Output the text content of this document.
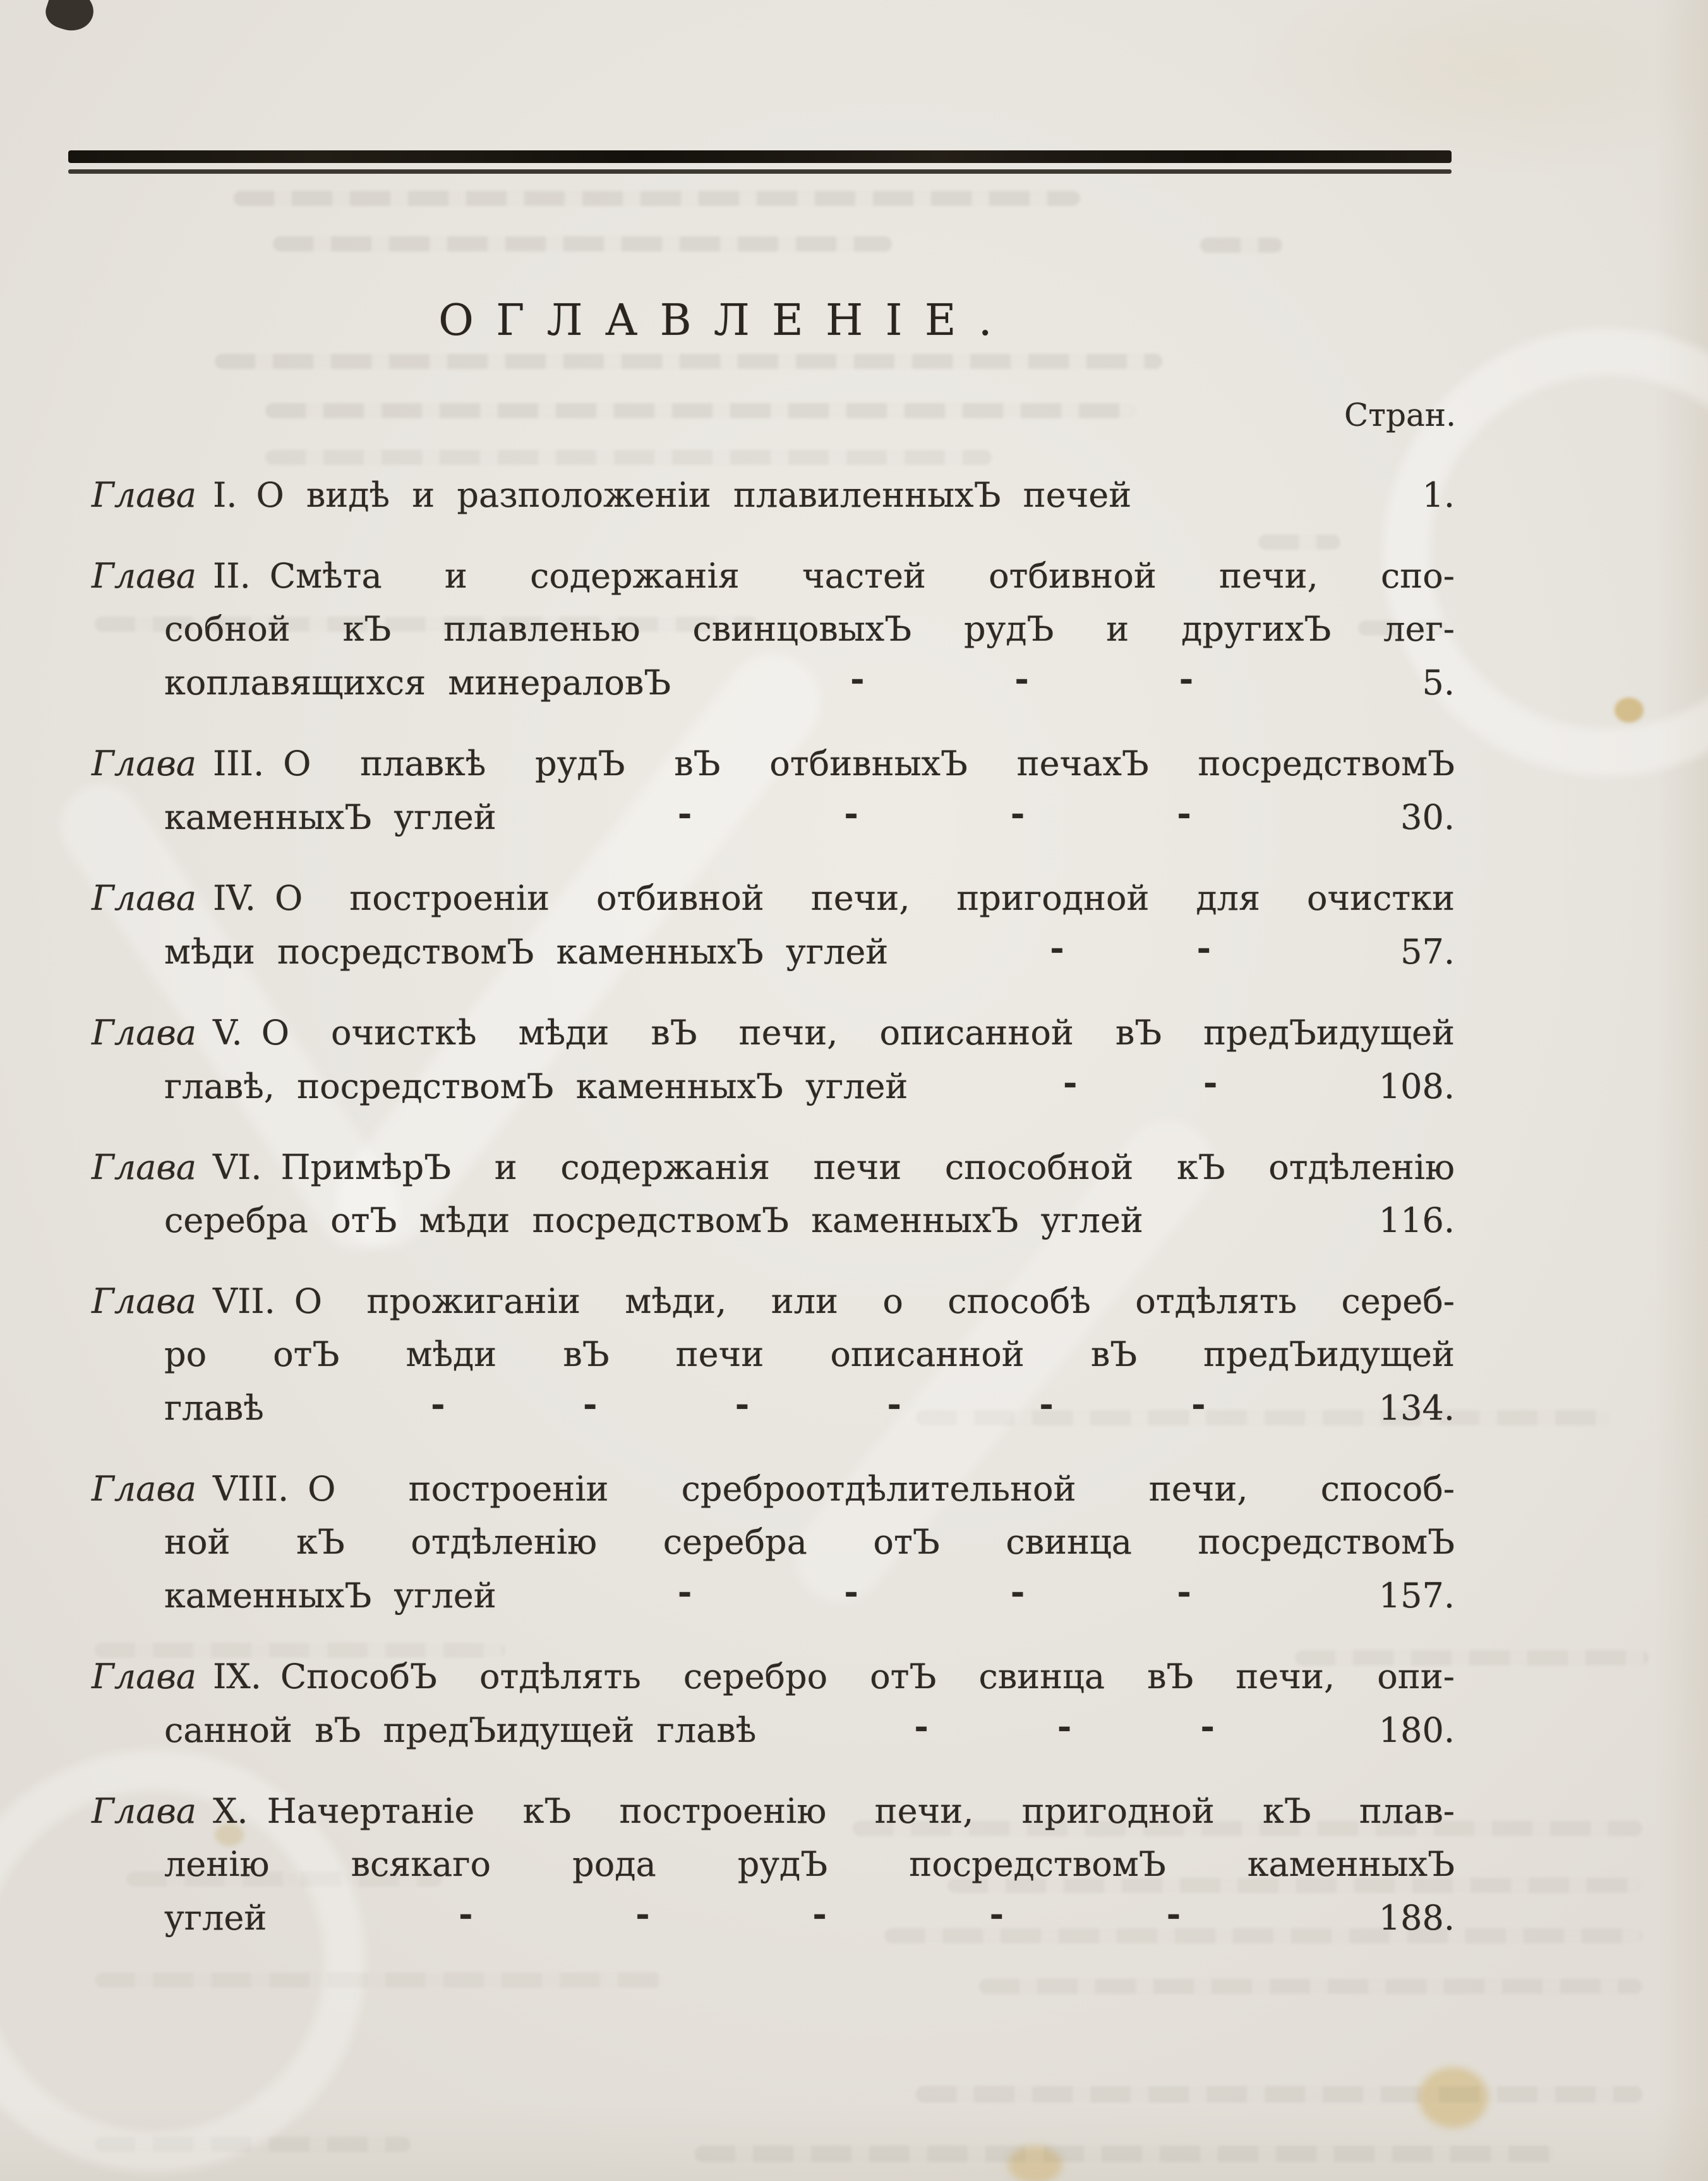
ОГЛАВЛЕНІЕ.
Стран.
Глава I. О видѣ и разположеніи плавиленныхЪ печей	1.
Глава II. Смѣта и содержанія частей отбивной печи, спо-
собной кЪ плавленью свинцовыхЪ рудЪ и другихЪ лег-
коплавящихся минераловЪ	-	-	-	5.
Глава III. О плавкѣ рудЪ вЪ отбивныхЪ печахЪ посредствомЪ
каменныхЪ углей	-	-	-	-	30.
Глава IV. О построеніи отбивной печи, пригодной для очистки
мѣди посредствомЪ каменныхЪ углей	-	-	57.
Глава V. О очисткѣ мѣди вЪ печи, описанной вЪ предЪидущей
главѣ, посредствомЪ каменныхЪ углей	-	-	108.
Глава VI. ПримѣрЪ и содержанія печи способной кЪ отдѣленію
серебра отЪ мѣди посредствомЪ каменныхЪ углей	116.
Глава VII. О прожиганіи мѣди, или о способѣ отдѣлять сереб-
ро отЪ мѣди вЪ печи описанной вЪ предЪидущей
главѣ	-	-	-	-	-	-	134.
Глава VIII. О построеніи среброотдѣлительной печи, способ-
ной кЪ отдѣленію серебра отЪ свинца посредствомЪ
каменныхЪ углей	-	-	-	-	157.
Глава IX. СпособЪ отдѣлять серебро отЪ свинца вЪ печи, опи-
санной вЪ предЪидущей главѣ	-	-	-	180.
Глава X. Начертаніе кЪ построенію печи, пригодной кЪ плав-
ленію всякаго рода рудЪ посредствомЪ каменныхЪ
углей	-	-	-	-	-	188.
